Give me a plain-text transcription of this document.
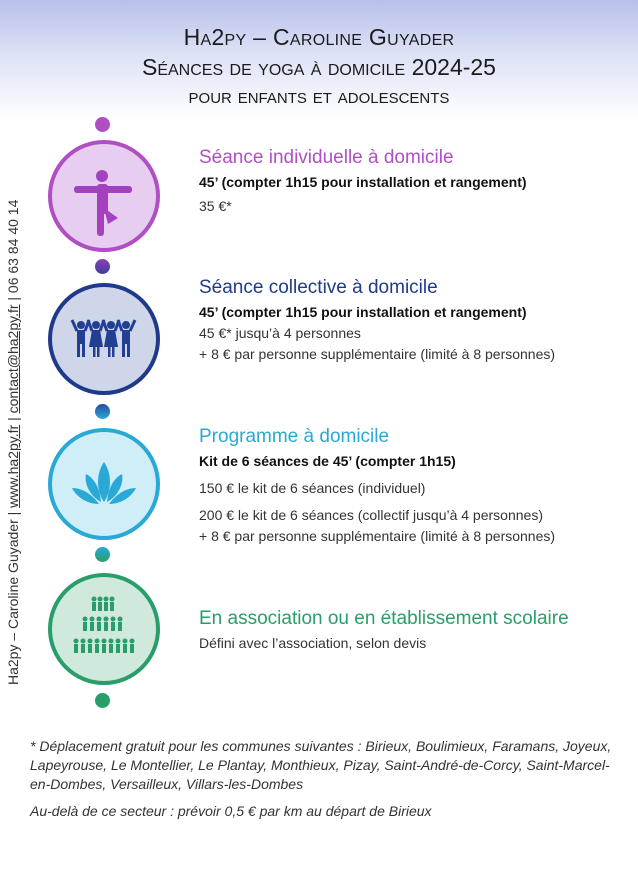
Ha2py – Caroline Guyader
Séances de yoga à domicile 2024-25
pour enfants et adolescents
Ha2py – Caroline Guyader | www.ha2py.fr | contact@ha2py.fr | 06 63 84 40 14
Séance individuelle à domicile
45’ (compter 1h15 pour installation et rangement)
35 €*
Séance collective à domicile
45’ (compter 1h15 pour installation et rangement)
45 €* jusqu’à 4 personnes
+ 8 € par personne supplémentaire (limité à 8 personnes)
Programme à domicile
Kit de 6 séances de 45’ (compter 1h15)
150 € le kit de 6 séances (individuel)
200 € le kit de 6 séances (collectif jusqu’à 4 personnes)
+ 8 € par personne supplémentaire (limité à 8 personnes)
En association ou en établissement scolaire
Défini avec l’association, selon devis

* Déplacement gratuit pour les communes suivantes : Birieux, Boulimieux, Faramans, Joyeux, Lapeyrouse, Le Montellier, Le Plantay, Monthieux, Pizay, Saint-André-de-Corcy, Saint-Marcel-en-Dombes, Versailleux, Villars-les-Dombes

Au-delà de ce secteur : prévoir 0,5 € par km au départ de Birieux
